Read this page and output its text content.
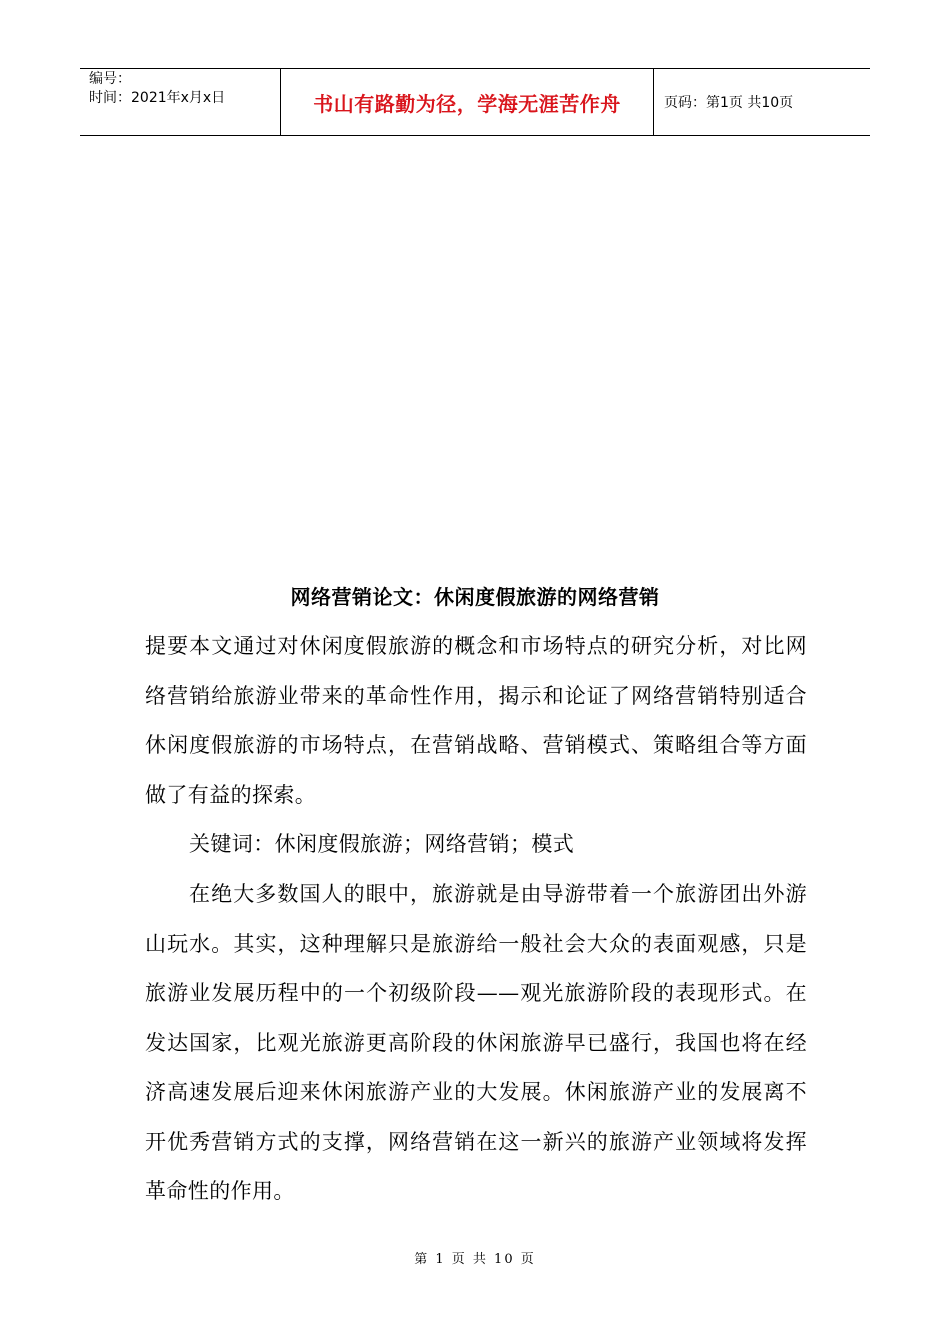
编号：
时间：2021年x月x日	书山有路勤为径，学海无涯苦作舟	页码：第1页 共10页
网络营销论文：休闲度假旅游的网络营销

提要本文通过对休闲度假旅游的概念和市场特点的研究分析，对比网络营销给旅游业带来的革命性作用，揭示和论证了网络营销特别适合休闲度假旅游的市场特点，在营销战略、营销模式、策略组合等方面做了有益的探索。

关键词：休闲度假旅游；网络营销；模式

在绝大多数国人的眼中，旅游就是由导游带着一个旅游团出外游山玩水。其实，这种理解只是旅游给一般社会大众的表面观感，只是旅游业发展历程中的一个初级阶段——观光旅游阶段的表现形式。在发达国家，比观光旅游更高阶段的休闲旅游早已盛行，我国也将在经济高速发展后迎来休闲旅游产业的大发展。休闲旅游产业的发展离不开优秀营销方式的支撑，网络营销在这一新兴的旅游产业领域将发挥革命性的作用。

第 1 页 共 10 页
